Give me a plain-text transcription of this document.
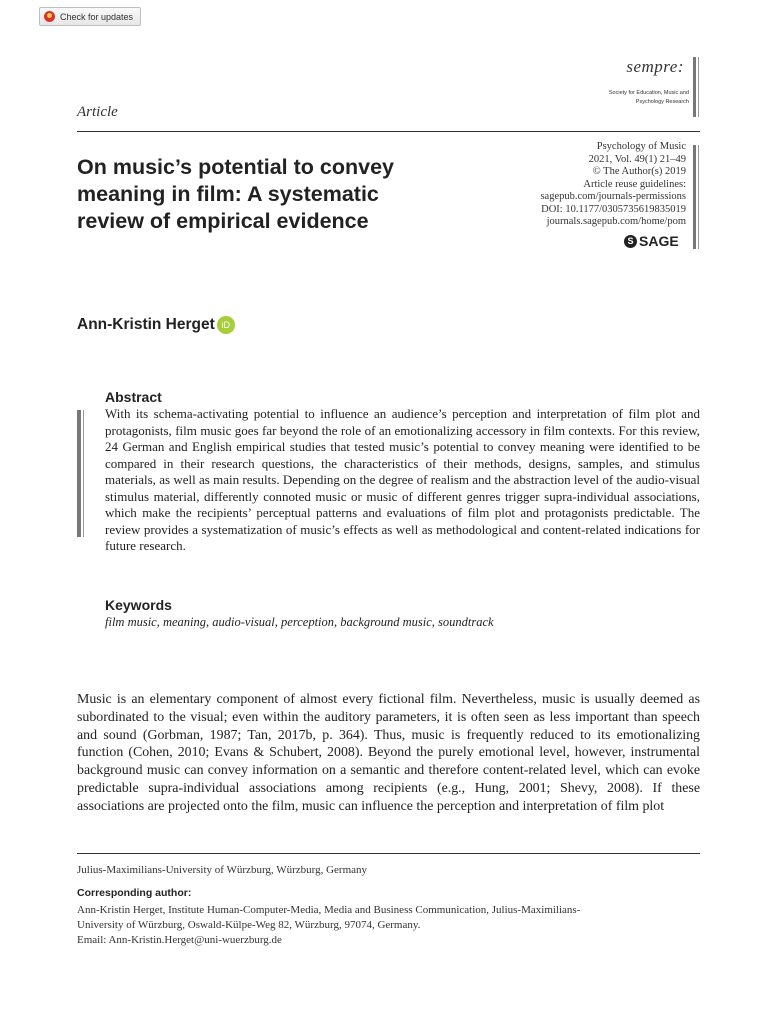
Check for updates
sempre:
Society for Education, Music and Psychology Research
Article
Psychology of Music
2021, Vol. 49(1) 21–49
© The Author(s) 2019
Article reuse guidelines:
sagepub.com/journals-permissions
DOI: 10.1177/0305735619835019
journals.sagepub.com/home/pom
S SAGE
On music’s potential to convey meaning in film: A systematic review of empirical evidence
Ann-Kristin Herget iD
Abstract
With its schema-activating potential to influence an audience’s perception and interpretation of film plot and protagonists, film music goes far beyond the role of an emotionalizing accessory in film contexts. For this review, 24 German and English empirical studies that tested music’s potential to convey meaning were identified to be compared in their research questions, the characteristics of their methods, designs, samples, and stimulus materials, as well as main results. Depending on the degree of realism and the abstraction level of the audio-visual stimulus material, differently connoted music or music of different genres trigger supra-individual associations, which make the recipients’ perceptual patterns and evaluations of film plot and protagonists predictable. The review provides a systematization of music’s effects as well as methodological and content-related indications for future research.
Keywords
film music, meaning, audio-visual, perception, background music, soundtrack
Music is an elementary component of almost every fictional film. Nevertheless, music is usually deemed as subordinated to the visual; even within the auditory parameters, it is often seen as less important than speech and sound (Gorbman, 1987; Tan, 2017b, p. 364). Thus, music is frequently reduced to its emotionalizing function (Cohen, 2010; Evans & Schubert, 2008). Beyond the purely emotional level, however, instrumental background music can convey information on a semantic and therefore content-related level, which can evoke predictable supra-individual associations among recipients (e.g., Hung, 2001; Shevy, 2008). If these associations are projected onto the film, music can influence the perception and interpretation of film plot
Julius-Maximilians-University of Würzburg, Würzburg, Germany
Corresponding author:
Ann-Kristin Herget, Institute Human-Computer-Media, Media and Business Communication, Julius-Maximilians-
University of Würzburg, Oswald-Külpe-Weg 82, Würzburg, 97074, Germany.
Email: Ann-Kristin.Herget@uni-wuerzburg.de
